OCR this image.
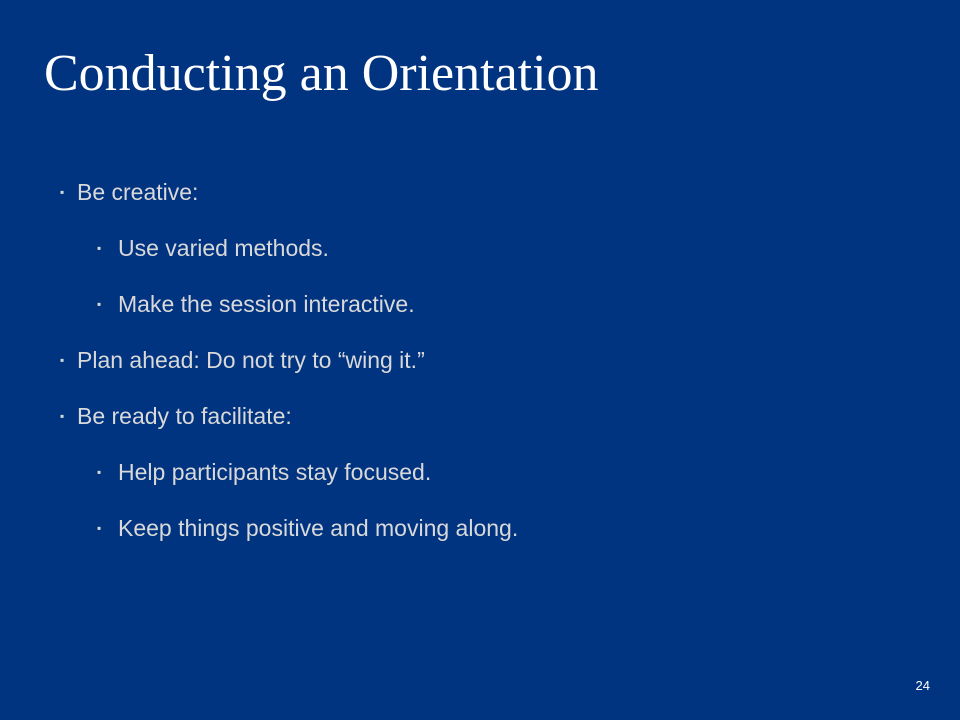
Conducting an Orientation
▪ Be creative:
▪ Use varied methods.
▪ Make the session interactive.
▪ Plan ahead: Do not try to “wing it.”
▪ Be ready to facilitate:
▪ Help participants stay focused.
▪ Keep things positive and moving along.
24
